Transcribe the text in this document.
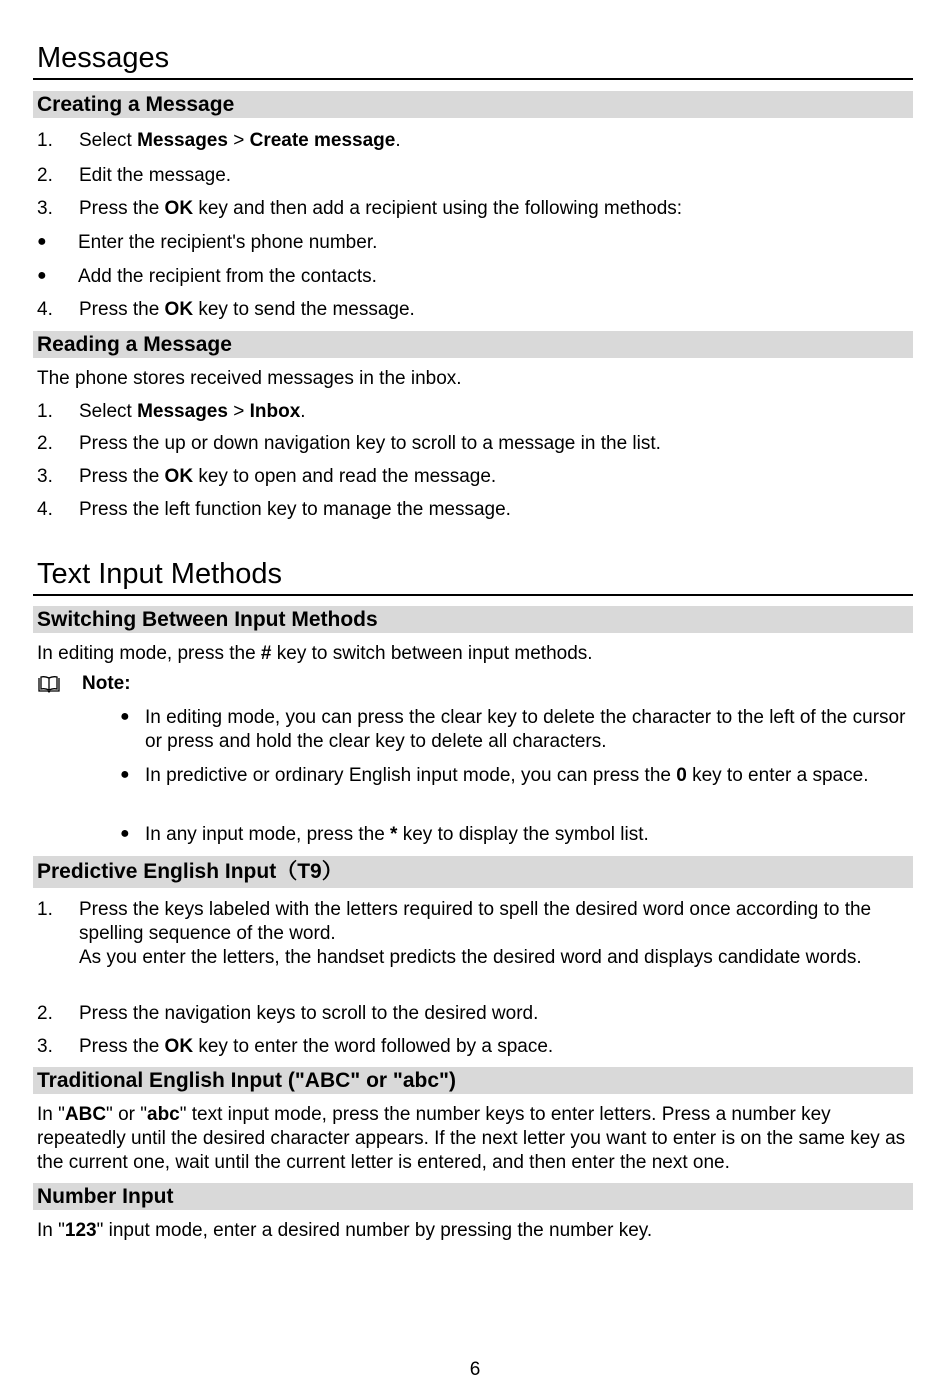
Messages
Creating a Message
1. Select Messages > Create message.
2. Edit the message.
3. Press the OK key and then add a recipient using the following methods:
● Enter the recipient's phone number.
● Add the recipient from the contacts.
4. Press the OK key to send the message.
Reading a Message
The phone stores received messages in the inbox.
1. Select Messages > Inbox.
2. Press the up or down navigation key to scroll to a message in the list.
3. Press the OK key to open and read the message.
4. Press the left function key to manage the message.
Text Input Methods
Switching Between Input Methods
In editing mode, press the # key to switch between input methods.
Note:
● In editing mode, you can press the clear key to delete the character to the left of the cursor or press and hold the clear key to delete all characters.
● In predictive or ordinary English input mode, you can press the 0 key to enter a space.
● In any input mode, press the * key to display the symbol list.
Predictive English Input（T9）
1. Press the keys labeled with the letters required to spell the desired word once according to the spelling sequence of the word.
As you enter the letters, the handset predicts the desired word and displays candidate words.
2. Press the navigation keys to scroll to the desired word.
3. Press the OK key to enter the word followed by a space.
Traditional English Input ("ABC" or "abc")
In "ABC" or "abc" text input mode, press the number keys to enter letters. Press a number key repeatedly until the desired character appears. If the next letter you want to enter is on the same key as the current one, wait until the current letter is entered, and then enter the next one.
Number Input
In "123" input mode, enter a desired number by pressing the number key.
6
